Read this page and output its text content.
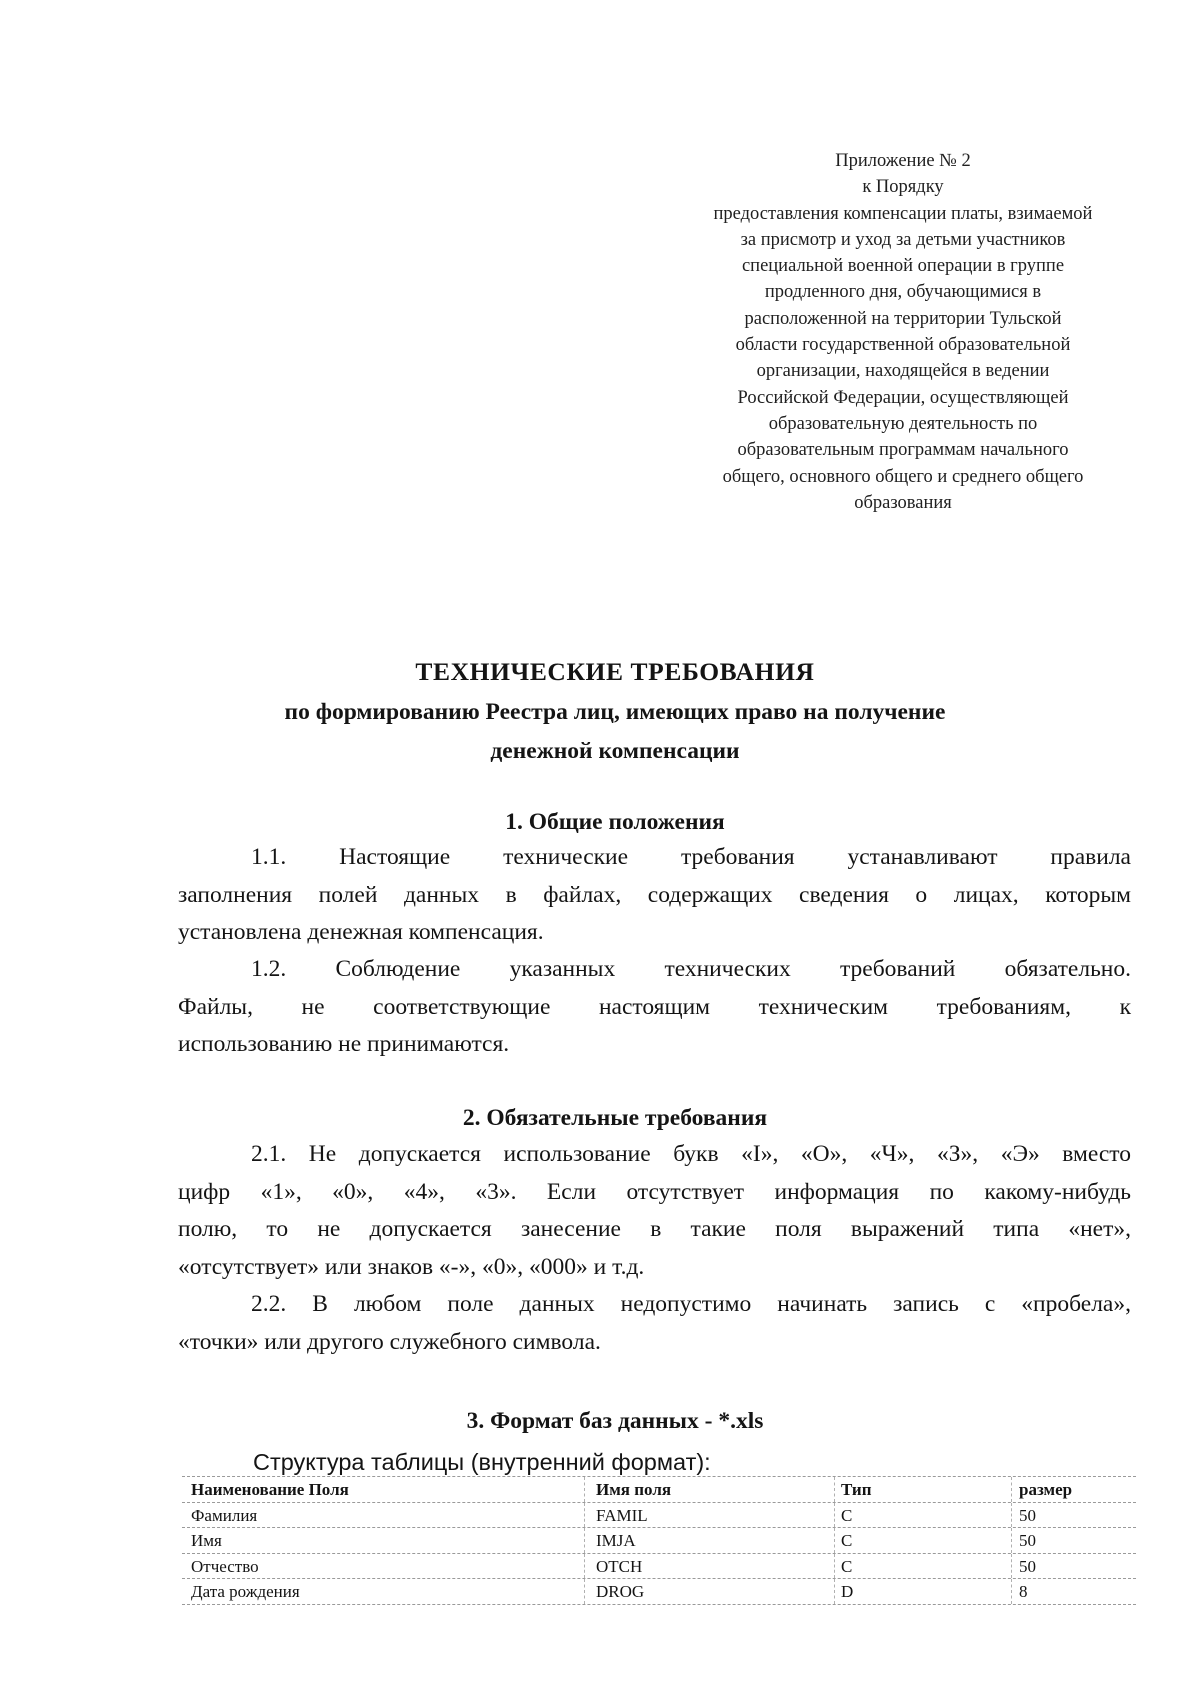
Приложение № 2
к Порядку
предоставления компенсации платы, взимаемой
за присмотр и уход за детьми участников
специальной военной операции в группе
продленного дня, обучающимися в
расположенной на территории Тульской
области государственной образовательной
организации, находящейся в ведении
Российской Федерации, осуществляющей
образовательную деятельность по
образовательным программам начального
общего, основного общего и среднего общего
образования
ТЕХНИЧЕСКИЕ ТРЕБОВАНИЯ
по формированию Реестра лиц, имеющих право на получение
денежной компенсации
1. Общие положения
1.1. Настоящие технические требования устанавливают правила
заполнения полей данных в файлах, содержащих сведения о лицах, которым
установлена денежная компенсация.
1.2. Соблюдение указанных технических требований обязательно.
Файлы, не соответствующие настоящим техническим требованиям, к
использованию не принимаются.
2. Обязательные требования
2.1. Не допускается использование букв «I», «О», «Ч», «З», «Э» вместо
цифр «1», «0», «4», «3». Если отсутствует информация по какому-нибудь
полю, то не допускается занесение в такие поля выражений типа «нет»,
«отсутствует» или знаков «-», «0», «000» и т.д.
2.2. В любом поле данных недопустимо начинать запись с «пробела»,
«точки» или другого служебного символа.
3. Формат баз данных - *.xls
Структура таблицы (внутренний формат):
Наименование Поля	Имя поля	Тип	размер
Фамилия	FAMIL	C	50
Имя	IMJA	C	50
Отчество	OTCH	C	50
Дата рождения	DROG	D	8
